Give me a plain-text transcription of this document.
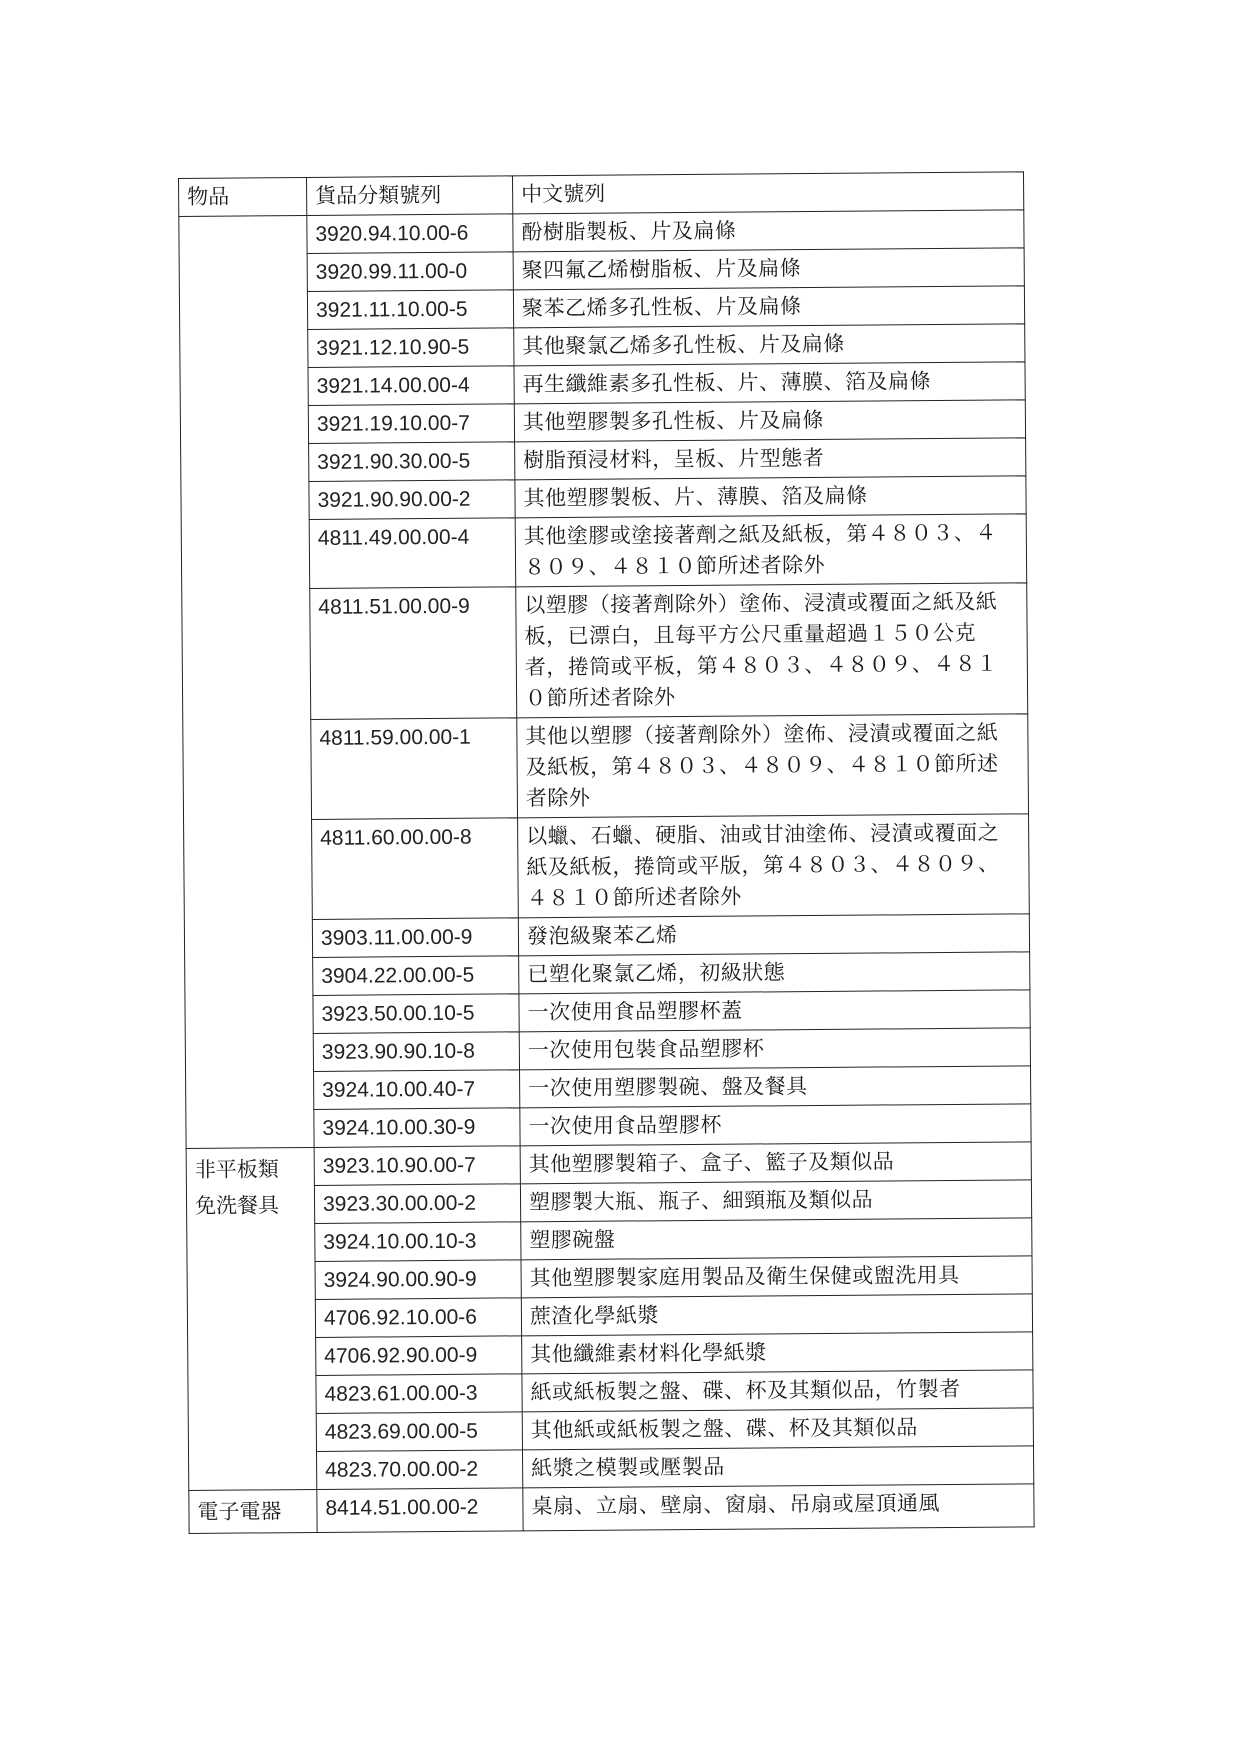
物品	貨品分類號列	中文號列

	3920.94.10.00-6	酚樹脂製板、片及扁條
	3920.99.11.00-0	聚四氟乙烯樹脂板、片及扁條
	3921.11.10.00-5	聚苯乙烯多孔性板、片及扁條
	3921.12.10.90-5	其他聚氯乙烯多孔性板、片及扁條
	3921.14.00.00-4	再生纖維素多孔性板、片、薄膜、箔及扁條
	3921.19.10.00-7	其他塑膠製多孔性板、片及扁條
	3921.90.30.00-5	樹脂預浸材料，呈板、片型態者
	3921.90.90.00-2	其他塑膠製板、片、薄膜、箔及扁條
	4811.49.00.00-4	其他塗膠或塗接著劑之紙及紙板，第４８０３、４８０９、４８１０節所述者除外
	4811.51.00.00-9	以塑膠（接著劑除外）塗佈、浸漬或覆面之紙及紙板，已漂白，且每平方公尺重量超過１５０公克者，捲筒或平板，第４８０３、４８０９、４８１０節所述者除外
	4811.59.00.00-1	其他以塑膠（接著劑除外）塗佈、浸漬或覆面之紙及紙板，第４８０３、４８０９、４８１０節所述者除外
	4811.60.00.00-8	以蠟、石蠟、硬脂、油或甘油塗佈、浸漬或覆面之紙及紙板，捲筒或平版，第４８０３、４８０９、４８１０節所述者除外
	3903.11.00.00-9	發泡級聚苯乙烯
	3904.22.00.00-5	已塑化聚氯乙烯，初級狀態
	3923.50.00.10-5	一次使用食品塑膠杯蓋
	3923.90.90.10-8	一次使用包裝食品塑膠杯
	3924.10.00.40-7	一次使用塑膠製碗、盤及餐具
	3924.10.00.30-9	一次使用食品塑膠杯

非平板類免洗餐具	3923.10.90.00-7	其他塑膠製箱子、盒子、籃子及類似品
	3923.30.00.00-2	塑膠製大瓶、瓶子、細頸瓶及類似品
	3924.10.00.10-3	塑膠碗盤
	3924.90.00.90-9	其他塑膠製家庭用製品及衛生保健或盥洗用具
	4706.92.10.00-6	蔗渣化學紙漿
	4706.92.90.00-9	其他纖維素材料化學紙漿
	4823.61.00.00-3	紙或紙板製之盤、碟、杯及其類似品，竹製者
	4823.69.00.00-5	其他紙或紙板製之盤、碟、杯及其類似品
	4823.70.00.00-2	紙漿之模製或壓製品

電子電器	8414.51.00.00-2	桌扇、立扇、壁扇、窗扇、吊扇或屋頂通風
